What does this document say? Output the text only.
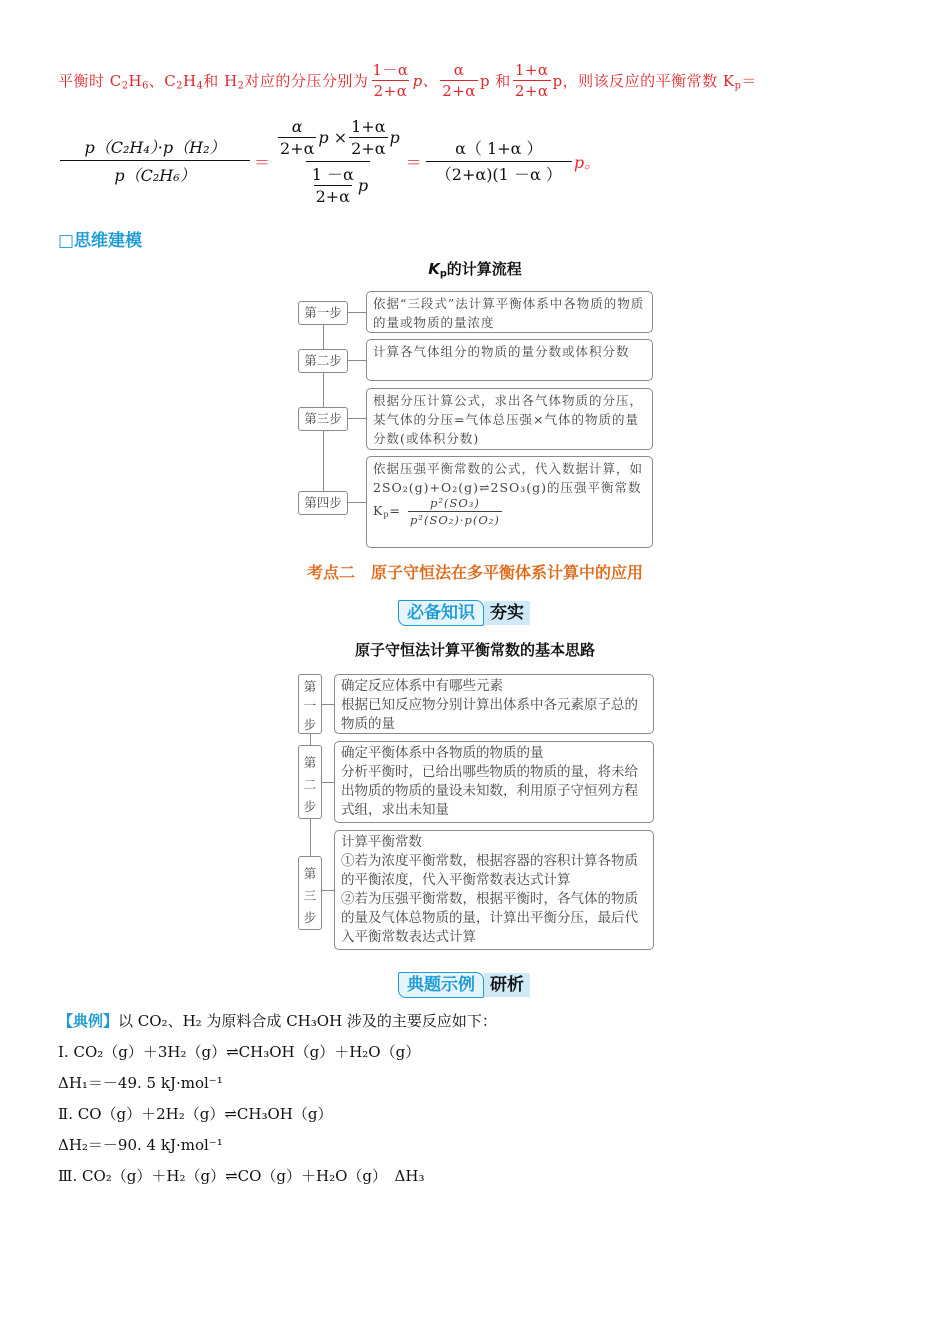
平衡时 $C_2H_6$、$C_2H_4$和 $H_2$对应的分压分别为 $\frac{1-\alpha}{2+\alpha}$ p、 $\frac{\alpha}{2+\alpha}$ p 和 $\frac{1+\alpha}{2+\alpha}$ p，则该反应的平衡常数 $K_p=$
$\frac{\text{p（C₂H₄）·p（H₂）}}{\text{p（C₂H₆）}} = \frac{\frac{\alpha}{2+\alpha} p \times \frac{1+\alpha}{2+\alpha} p}{\frac{1 -\alpha}{2+\alpha} p} = \frac{\alpha( 1+\alpha )}{(2+\alpha)(1 -\alpha )}$ p。
□思维建模
$K_p$的计算流程
第一步
依据“三段式”法计算平衡体系中各物质的物质的量或物质的量浓度
第二步
计算各气体组分的物质的量分数或体积分数
第三步
根据分压计算公式，求出各气体物质的分压，某气体的分压=气体总压强×气体的物质的量分数(或体积分数)
第四步
依据压强平衡常数的公式，代入数据计算，如2SO₂(g)+O₂(g)⇌2SO₃(g)的压强平衡常数$K_p= \frac{\text{p²(SO₃)}}{\text{p²(SO₂)·p(O₂)}}$
考点二　原子守恒法在多平衡体系计算中的应用
必备知识 夯实
原子守恒法计算平衡常数的基本思路
第一步
确定反应体系中有哪些元素
根据已知反应物分别计算出体系中各元素原子总的物质的量
第二步
确定平衡体系中各物质的物质的量
分析平衡时，已给出哪些物质的物质的量，将未给出物质的物质的量设未知数，利用原子守恒列方程式组，求出未知量
第三步
计算平衡常数
①若为浓度平衡常数，根据容器的容积计算各物质的平衡浓度，代入平衡常数表达式计算
②若为压强平衡常数，根据平衡时，各气体的物质的量及气体总物质的量，计算出平衡分压，最后代入平衡常数表达式计算
典题示例 研析
【典例】以 CO₂、H₂ 为原料合成 CH₃OH 涉及的主要反应如下：
I. CO₂（g）＋3H₂（g）⇌CH₃OH（g）＋H₂O（g）
ΔH₁＝－49. 5 kJ·mol⁻¹
Ⅱ. CO（g）＋2H₂（g）⇌CH₃OH（g）
ΔH₂＝－90. 4 kJ·mol⁻¹
Ⅲ. CO₂（g）＋H₂（g）⇌CO（g）＋H₂O（g）　ΔH₃
